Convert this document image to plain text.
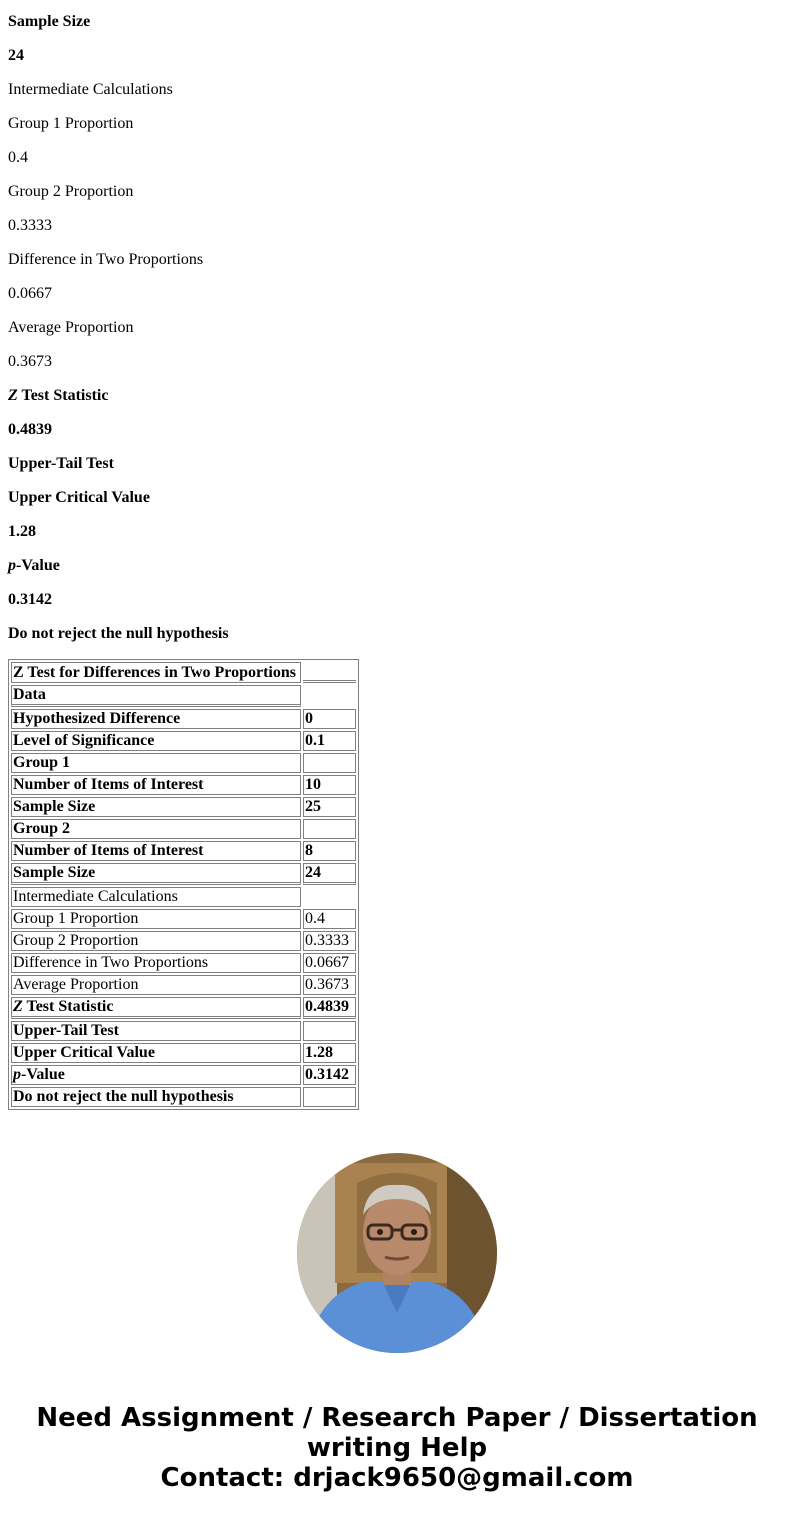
Sample Size

24

Intermediate Calculations

Group 1 Proportion

0.4

Group 2 Proportion

0.3333

Difference in Two Proportions

0.0667

Average Proportion

0.3673

Z Test Statistic

0.4839

Upper-Tail Test

Upper Critical Value

1.28

p-Value

0.3142

Do not reject the null hypothesis

Z Test for Differences in Two Proportions	
Data	
Hypothesized Difference	0
Level of Significance	0.1
Group 1	
Number of Items of Interest	10
Sample Size	25
Group 2	
Number of Items of Interest	8
Sample Size	24
Intermediate Calculations	
Group 1 Proportion	0.4
Group 2 Proportion	0.3333
Difference in Two Proportions	0.0667
Average Proportion	0.3673
Z Test Statistic	0.4839
Upper-Tail Test	
Upper Critical Value	1.28
p-Value	0.3142
Do not reject the null hypothesis	
Need Assignment / Research Paper / Dissertation
writing Help
Contact: drjack9650@gmail.com
